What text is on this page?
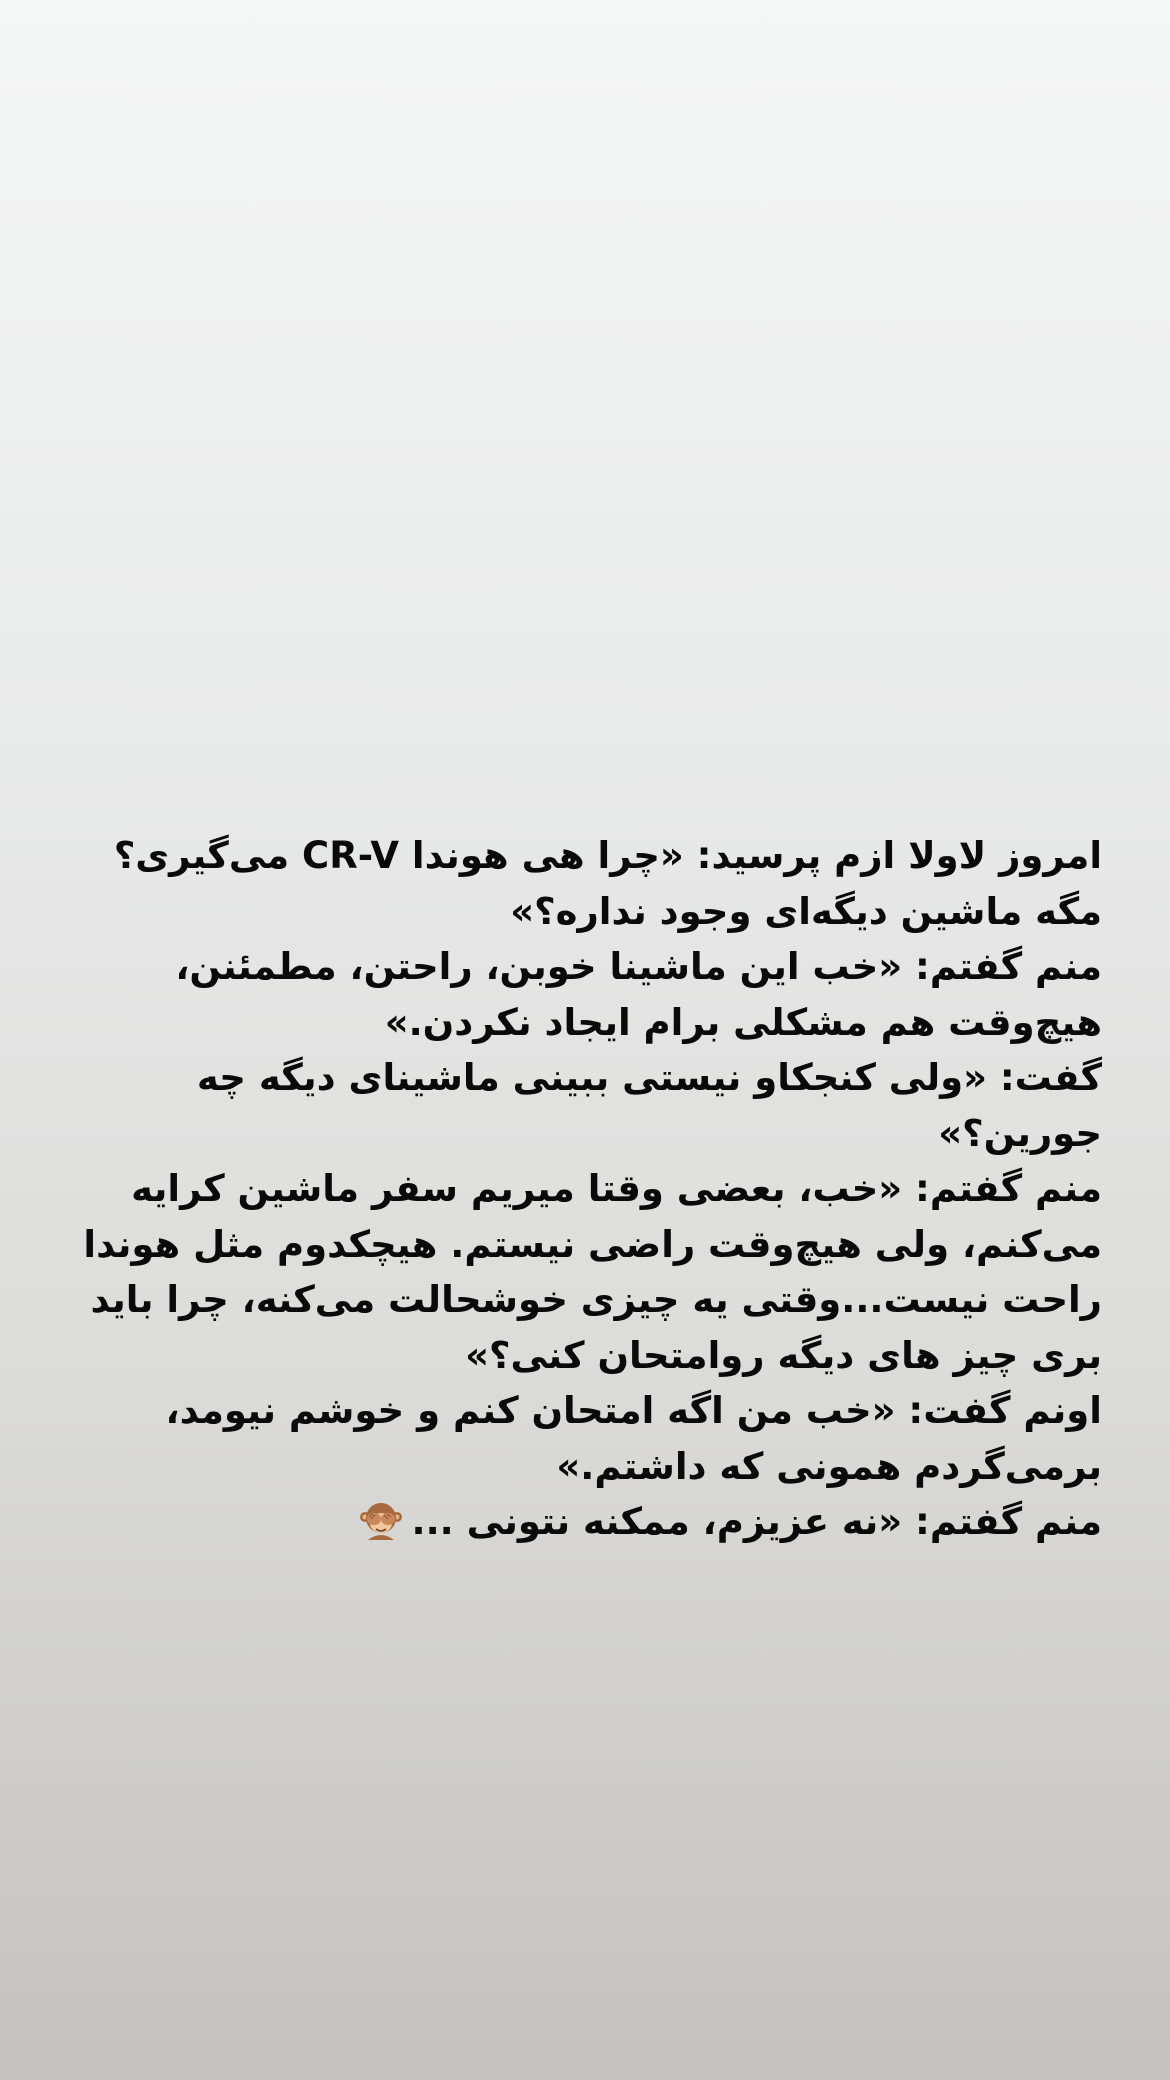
امروز لاولا ازم پرسید: «چرا هی هوندا CR-V می‌گیری؟ مگه ماشین دیگه‌ای وجود نداره؟»

منم گفتم: «خب این ماشینا خوبن، راحتن، مطمئنن، هیچ‌وقت هم مشکلی برام ایجاد نکردن.»

گفت: «ولی کنجکاو نیستی ببینی ماشینای دیگه چه جورین؟»

منم گفتم: «خب، بعضی وقتا میریم سفر ماشین کرایه می‌کنم، ولی هیچ‌وقت راضی نیستم. هیچکدوم مثل هوندا راحت نیست...وقتی یه چیزی خوشحالت می‌کنه، چرا باید بری چیز های دیگه روامتحان کنی؟»

اونم گفت: «خب من اگه امتحان کنم و خوشم نیومد، برمی‌گردم همونی که داشتم.»

منم گفتم: «نه عزیزم، ممکنه نتونی ...
